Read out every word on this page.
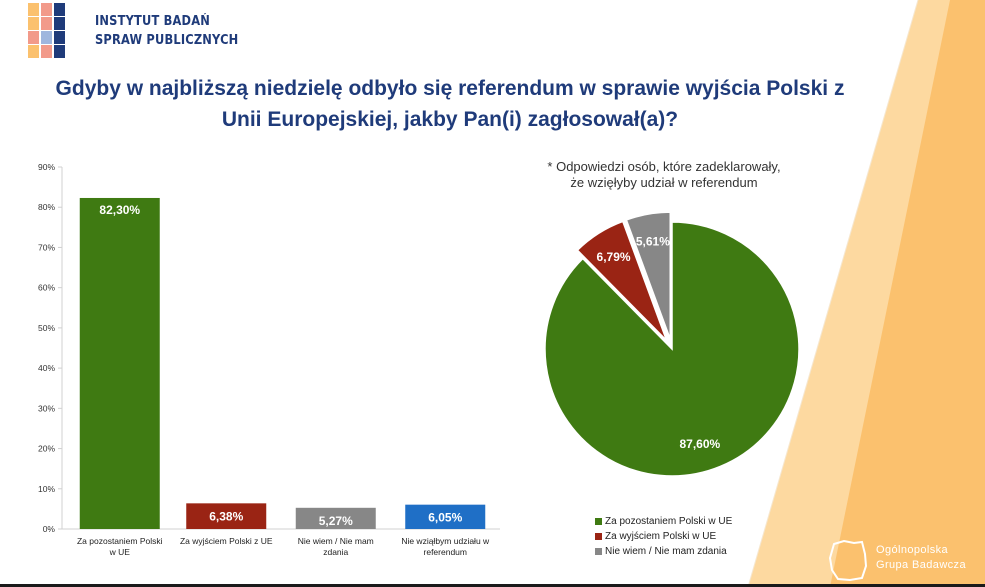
INSTYTUT BADAŃ
SPRAW PUBLICZNYCH
Gdyby w najbliższą niedzielę odbyło się referendum w sprawie wyjścia Polski z
Unii Europejskiej, jakby Pan(i) zagłosował(a)?
0%
10%
20%
30%
40%
50%
60%
70%
80%
90%
82,30%
Za pozostaniem Polski
w UE
6,38%
Za wyjściem Polski z UE
5,27%
Nie wiem / Nie mam
zdania
6,05%
Nie wziąłbym udziału w
referendum
* Odpowiedzi osób, które zadeklarowały,
że wzięłyby udział w referendum
87,60%
6,79%
5,61%
Za pozostaniem Polski w UE
Za wyjściem Polski w UE
Nie wiem / Nie mam zdania	Ogólnopolska
Grupa Badawcza
